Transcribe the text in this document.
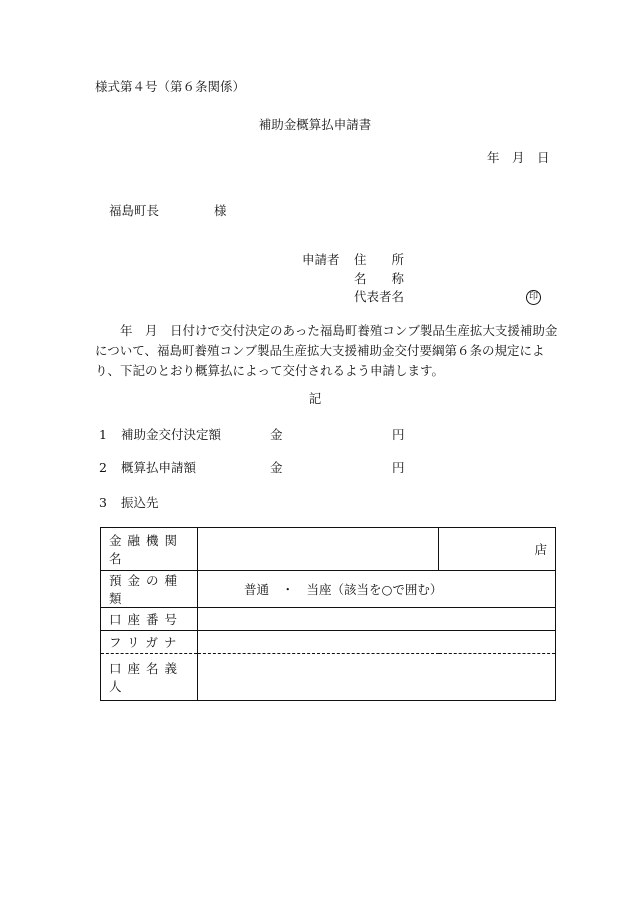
様式第４号（第６条関係）
補助金概算払申請書
年　月　日
福島町長	様
申請者 住　　所
名　　称
代表者名	印
　　年　月　日付けで交付決定のあった福島町養殖コンブ製品生産拡大支援補助金について、福島町養殖コンブ製品生産拡大支援補助金交付要綱第６条の規定により、下記のとおり概算払によって交付されるよう申請します。
記
1 補助金交付決定額	金	円
2 概算払申請額	金	円
3 振込先
金融機関名		店
預金の種類	普通　・　当座（該当を○で囲む）	
口座番号		
フリガナ		
口座名義人		
